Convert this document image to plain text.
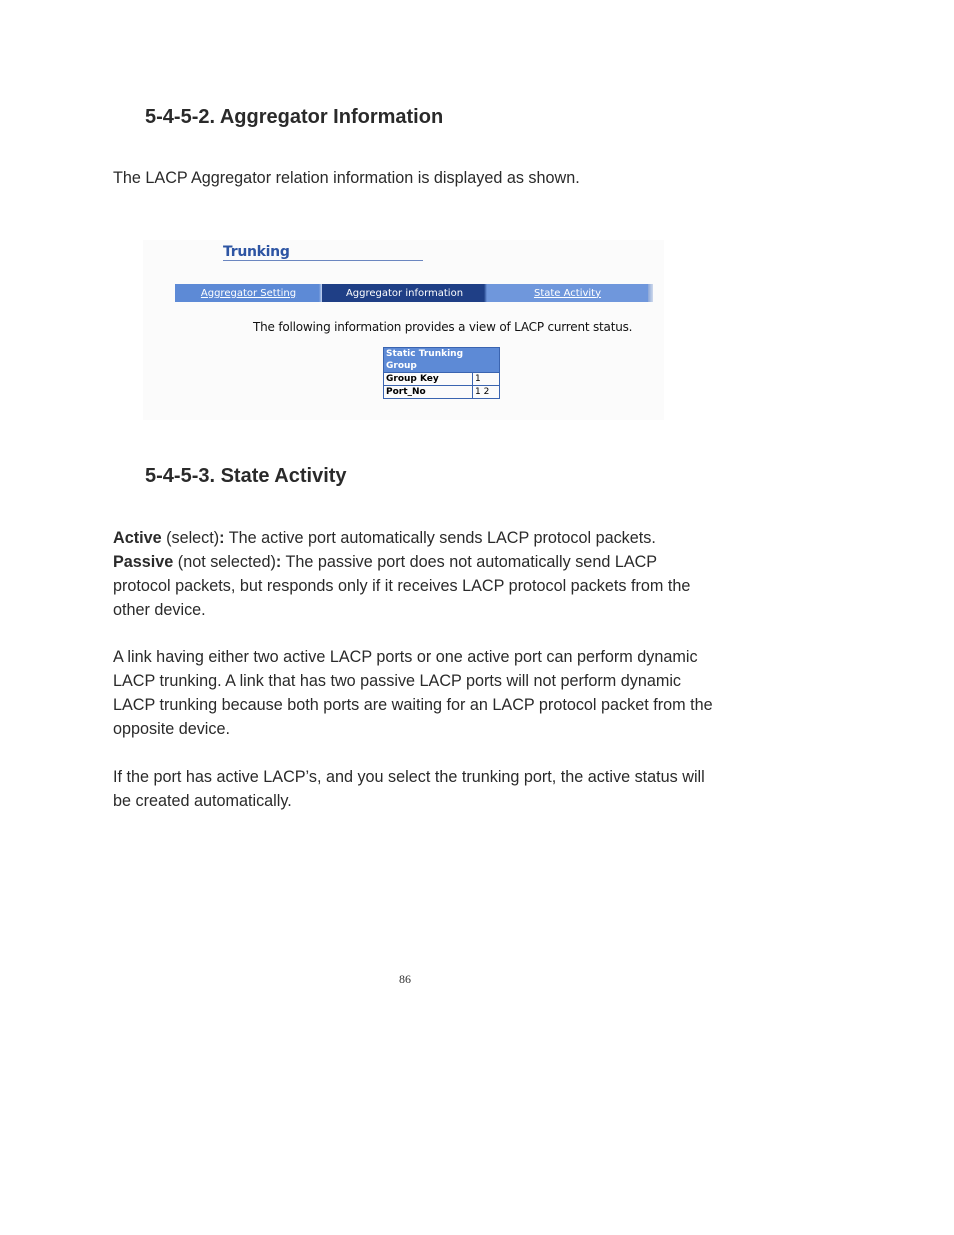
5-4-5-2. Aggregator Information

The LACP Aggregator relation information is displayed as shown.

Trunking
Aggregator Setting	Aggregator information	State Activity
The following information provides a view of LACP current status.
Static Trunking Group	
Group Key	1
Port_No	1 2
5-4-5-3. State Activity

Active (select): The active port automatically sends LACP protocol packets.
Passive (not selected): The passive port does not automatically send LACP protocol packets, but responds only if it receives LACP protocol packets from the other device.

A link having either two active LACP ports or one active port can perform dynamic LACP trunking. A link that has two passive LACP ports will not perform dynamic LACP trunking because both ports are waiting for an LACP protocol packet from the opposite device.

If the port has active LACP’s, and you select the trunking port, the active status will be created automatically.

86
